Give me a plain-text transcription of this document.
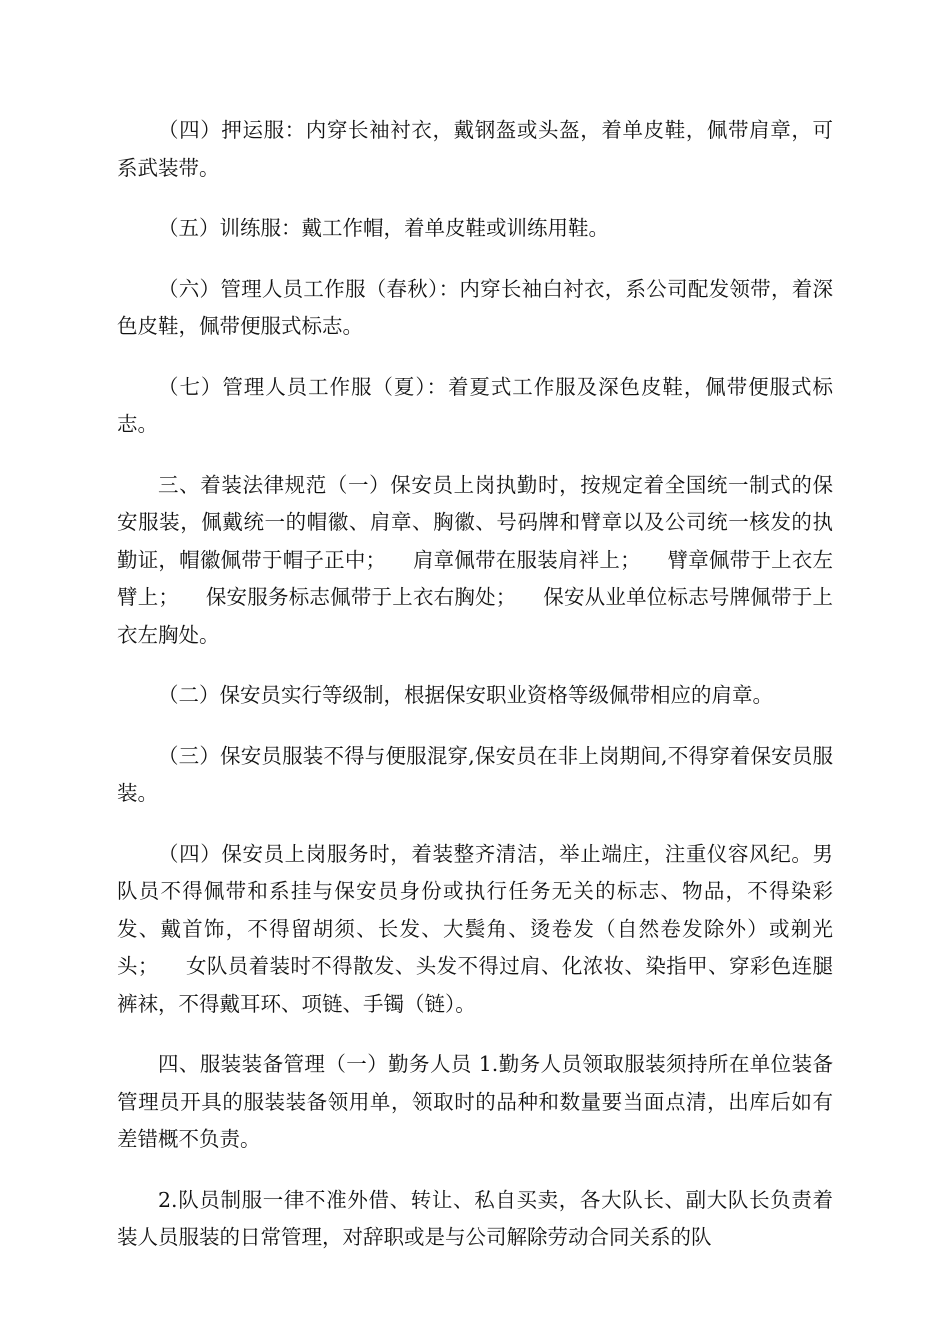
（四）押运服：内穿长袖衬衣，戴钢盔或头盔，着单皮鞋，佩带肩章，可系武装带。

（五）训练服：戴工作帽，着单皮鞋或训练用鞋。

（六）管理人员工作服（春秋）：内穿长袖白衬衣，系公司配发领带，着深色皮鞋，佩带便服式标志。

（七）管理人员工作服（夏）：着夏式工作服及深色皮鞋，佩带便服式标志。

三、着装法律规范（一）保安员上岗执勤时，按规定着全国统一制式的保安服装，佩戴统一的帽徽、肩章、胸徽、号码牌和臂章以及公司统一核发的执勤证，帽徽佩带于帽子正中；    肩章佩带在服装肩袢上；    臂章佩带于上衣左臂上；    保安服务标志佩带于上衣右胸处；    保安从业单位标志号牌佩带于上衣左胸处。

（二）保安员实行等级制，根据保安职业资格等级佩带相应的肩章。

（三）保安员服装不得与便服混穿,保安员在非上岗期间,不得穿着保安员服装。

（四）保安员上岗服务时，着装整齐清洁，举止端庄，注重仪容风纪。男队员不得佩带和系挂与保安员身份或执行任务无关的标志、物品，不得染彩发、戴首饰，不得留胡须、长发、大鬓角、烫卷发（自然卷发除外）或剃光头；    女队员着装时不得散发、头发不得过肩、化浓妆、染指甲、穿彩色连腿裤袜，不得戴耳环、项链、手镯（链）。

四、服装装备管理（一）勤务人员 1.勤务人员领取服装须持所在单位装备管理员开具的服装装备领用单，领取时的品种和数量要当面点清，出库后如有差错概不负责。

2.队员制服一律不准外借、转让、私自买卖，各大队长、副大队长负责着装人员服装的日常管理，对辞职或是与公司解除劳动合同关系的队
